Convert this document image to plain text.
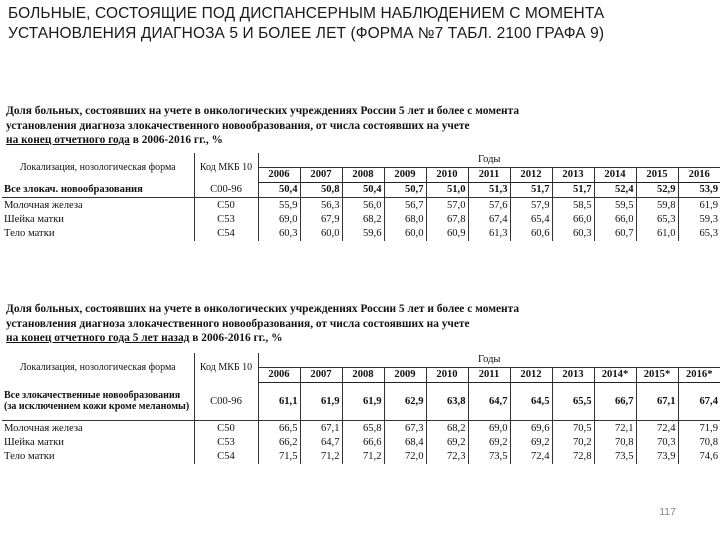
БОЛЬНЫЕ, СОСТОЯЩИЕ ПОД ДИСПАНСЕРНЫМ НАБЛЮДЕНИЕМ С МОМЕНТА
УСТАНОВЛЕНИЯ ДИАГНОЗА 5 И БОЛЕЕ ЛЕТ (ФОРМА №7 ТАБЛ. 2100 ГРАФА 9)
Доля больных, состоявших на учете в онкологических учреждениях России 5 лет и более с момента
установления диагноза злокачественного новообразования, от числа состоявших на учете
на конец отчетного года в 2006-2016 гг., %
Локализация, нозологическая форма	Код МКБ 10	Годы										
		2006	2007	2008	2009	2010	2011	2012	2013	2014	2015	2016
Все злокач. новообразования	С00-96	50,4	50,8	50,4	50,7	51,0	51,3	51,7	51,7	52,4	52,9	53,9
Молочная железа	С50	55,9	56,3	56,0	56,7	57,0	57,6	57,9	58,5	59,5	59,8	61,9
Шейка матки	С53	69,0	67,9	68,2	68,0	67,8	67,4	65,4	66,0	66,0	65,3	59,3
Тело матки	С54	60,3	60,0	59,6	60,0	60,9	61,3	60,6	60,3	60,7	61,0	65,3
Доля больных, состоявших на учете в онкологических учреждениях России 5 лет и более с момента
установления диагноза злокачественного новообразования, от числа состоявших на учете
на конец отчетного года 5 лет назад в 2006-2016 гг., %
Локализация, нозологическая форма	Код МКБ 10	Годы										
		2006	2007	2008	2009	2010	2011	2012	2013	2014*	2015*	2016*
Все злокачественные новообразования (за исключением кожи кроме меланомы)	С00-96	61,1	61,9	61,9	62,9	63,8	64,7	64,5	65,5	66,7	67,1	67,4
Молочная железа	С50	66,5	67,1	65,8	67,3	68,2	69,0	69,6	70,5	72,1	72,4	71,9
Шейка матки	С53	66,2	64,7	66,6	68,4	69,2	69,2	69,2	70,2	70,8	70,3	70,8
Тело матки	С54	71,5	71,2	71,2	72,0	72,3	73,5	72,4	72,8	73,5	73,9	74,6
117
